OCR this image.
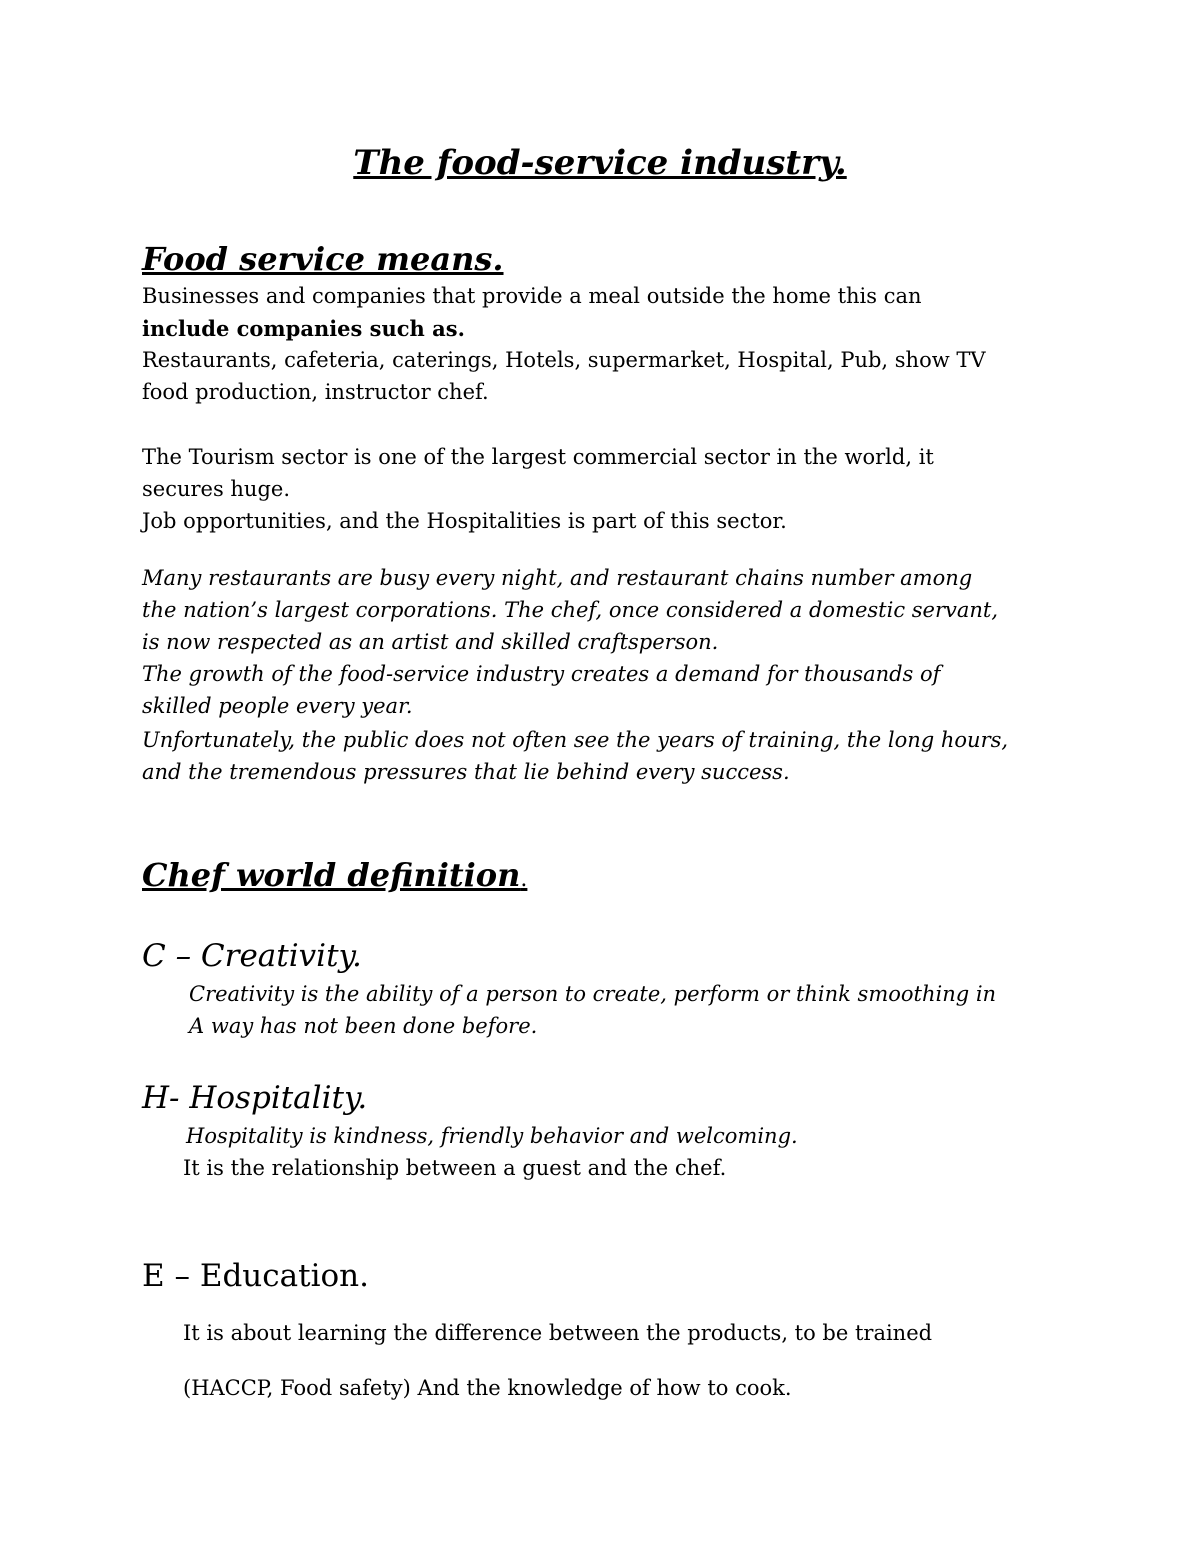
The food-service industry.

Food service means.

Businesses and companies that provide a meal outside the home this can

include companies such as.

Restaurants, cafeteria, caterings, Hotels, supermarket, Hospital, Pub, show TV

food production, instructor chef.

The Tourism sector is one of the largest commercial sector in the world, it

secures huge.

Job opportunities, and the Hospitalities is part of this sector.

Many restaurants are busy every night, and restaurant chains number among

the nation’s largest corporations. The chef, once considered a domestic servant,

is now respected as an artist and skilled craftsperson.

The growth of the food-service industry creates a demand for thousands of

skilled people every year.

Unfortunately, the public does not often see the years of training, the long hours,

and the tremendous pressures that lie behind every success.

Chef world definition.

C – Creativity.

Creativity is the ability of a person to create, perform or think smoothing in

A way has not been done before.

H- Hospitality.

Hospitality is kindness, friendly behavior and welcoming.

It is the relationship between a guest and the chef.

E – Education.

It is about learning the difference between the products, to be trained

(HACCP, Food safety) And the knowledge of how to cook.
